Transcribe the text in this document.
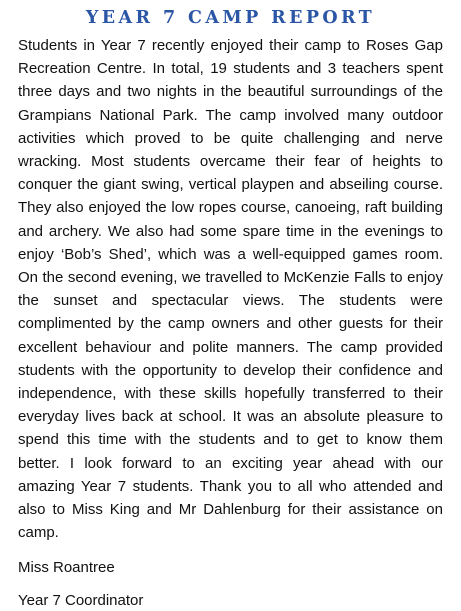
YEAR 7 CAMP REPORT

Students in Year 7 recently enjoyed their camp to Roses Gap Recreation Centre. In total, 19 students and 3 teachers spent three days and two nights in the beautiful surroundings of the Grampians National Park. The camp involved many outdoor activities which proved to be quite challenging and nerve wracking. Most students overcame their fear of heights to conquer the giant swing, vertical playpen and abseiling course. They also enjoyed the low ropes course, canoeing, raft building and archery. We also had some spare time in the evenings to enjoy ‘Bob’s Shed’, which was a well-equipped games room. On the second evening, we travelled to McKenzie Falls to enjoy the sunset and spectacular views. The students were complimented by the camp owners and other guests for their excellent behaviour and polite manners. The camp provided students with the opportunity to develop their confidence and independence, with these skills hopefully transferred to their everyday lives back at school. It was an absolute pleasure to spend this time with the students and to get to know them better. I look forward to an exciting year ahead with our amazing Year 7 students. Thank you to all who attended and also to Miss King and Mr Dahlenburg for their assistance on camp.

Miss Roantree

Year 7 Coordinator
